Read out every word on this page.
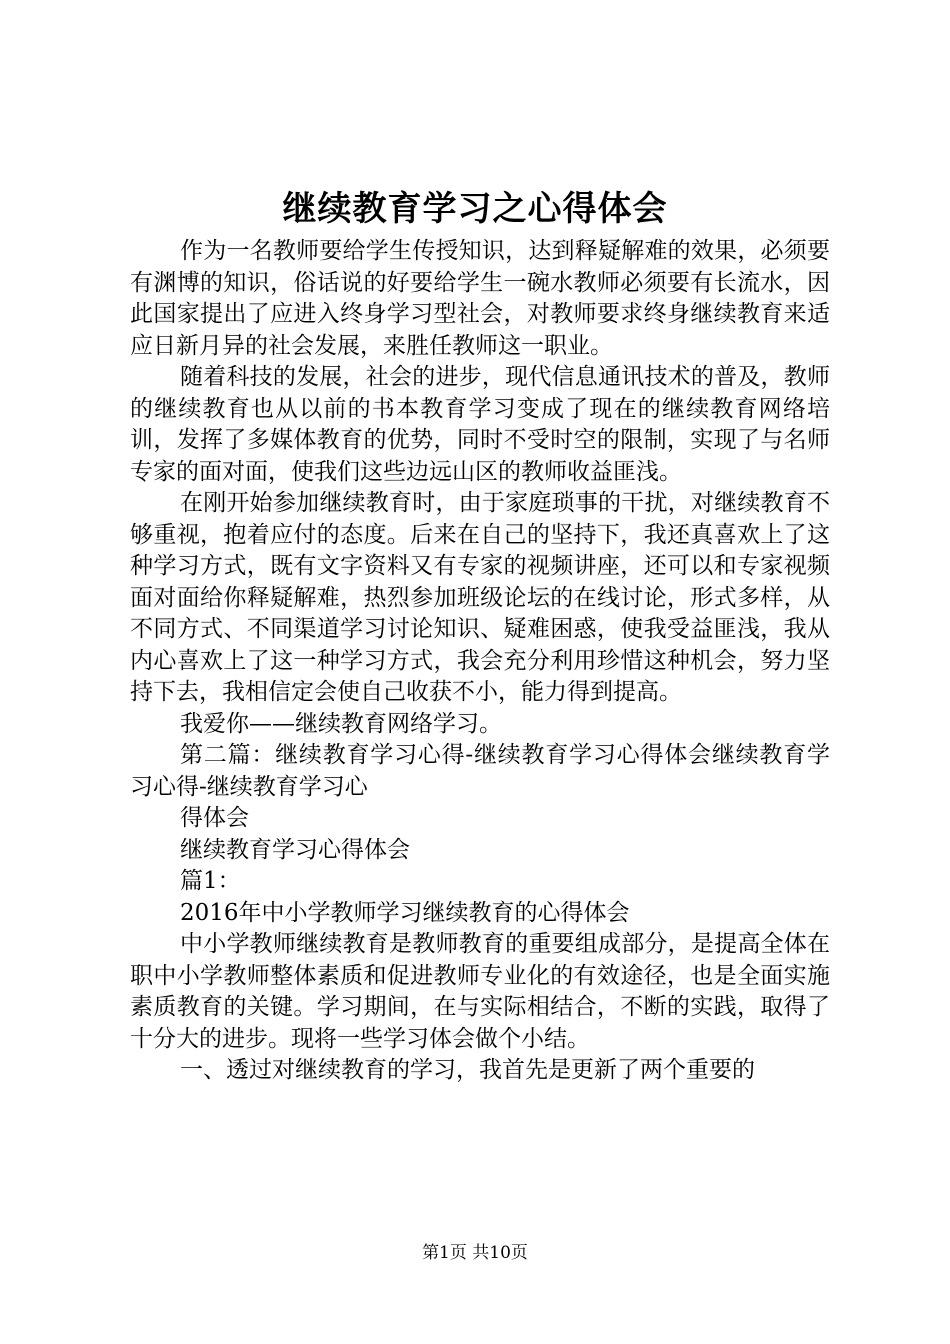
继续教育学习之心得体会

作为一名教师要给学生传授知识，达到释疑解难的效果，必须要有渊博的知识，俗话说的好要给学生一碗水教师必须要有长流水，因此国家提出了应进入终身学习型社会，对教师要求终身继续教育来适应日新月异的社会发展，来胜任教师这一职业。

随着科技的发展，社会的进步，现代信息通讯技术的普及，教师的继续教育也从以前的书本教育学习变成了现在的继续教育网络培训，发挥了多媒体教育的优势，同时不受时空的限制，实现了与名师专家的面对面，使我们这些边远山区的教师收益匪浅。

在刚开始参加继续教育时，由于家庭琐事的干扰，对继续教育不够重视，抱着应付的态度。后来在自己的坚持下，我还真喜欢上了这种学习方式，既有文字资料又有专家的视频讲座，还可以和专家视频面对面给你释疑解难，热烈参加班级论坛的在线讨论，形式多样，从不同方式、不同渠道学习讨论知识、疑难困惑，使我受益匪浅，我从内心喜欢上了这一种学习方式，我会充分利用珍惜这种机会，努力坚持下去，我相信定会使自己收获不小，能力得到提高。

我爱你——继续教育网络学习。

第二篇：继续教育学习心得-继续教育学习心得体会继续教育学习心得-继续教育学习心

得体会

继续教育学习心得体会

篇1：

2016年中小学教师学习继续教育的心得体会

中小学教师继续教育是教师教育的重要组成部分，是提高全体在职中小学教师整体素质和促进教师专业化的有效途径，也是全面实施素质教育的关键。学习期间，在与实际相结合，不断的实践，取得了十分大的进步。现将一些学习体会做个小结。

一、透过对继续教育的学习，我首先是更新了两个重要的

第1页 共10页
